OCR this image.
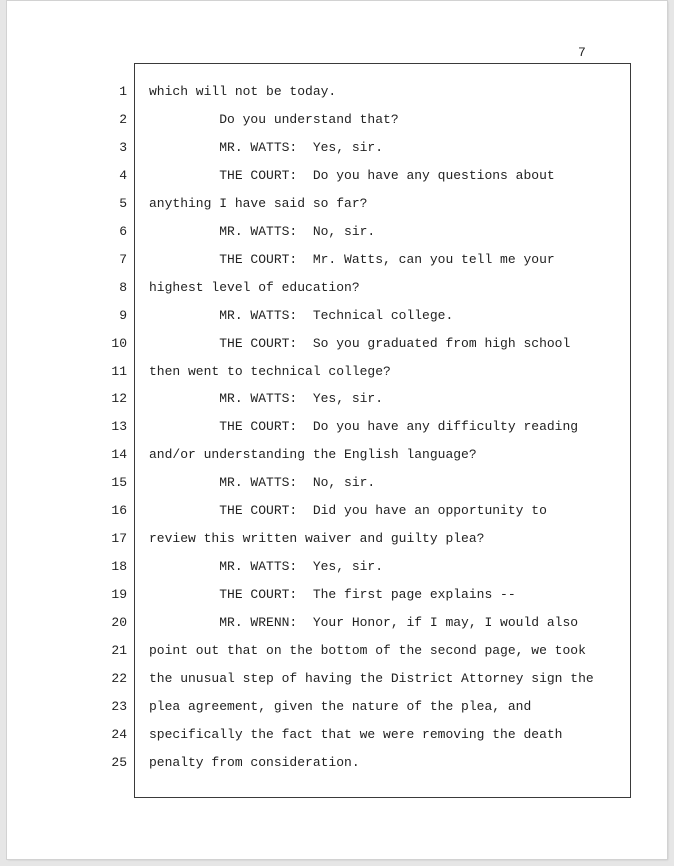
7
1 which will not be today.
2 Do you understand that?
3 MR. WATTS:  Yes, sir.
4 THE COURT:  Do you have any questions about
5 anything I have said so far?
6 MR. WATTS:  No, sir.
7 THE COURT:  Mr. Watts, can you tell me your
8 highest level of education?
9 MR. WATTS:  Technical college.
10 THE COURT:  So you graduated from high school
11 then went to technical college?
12 MR. WATTS:  Yes, sir.
13 THE COURT:  Do you have any difficulty reading
14 and/or understanding the English language?
15 MR. WATTS:  No, sir.
16 THE COURT:  Did you have an opportunity to
17 review this written waiver and guilty plea?
18 MR. WATTS:  Yes, sir.
19 THE COURT:  The first page explains --
20 MR. WRENN:  Your Honor, if I may, I would also
21 point out that on the bottom of the second page, we took
22 the unusual step of having the District Attorney sign the
23 plea agreement, given the nature of the plea, and
24 specifically the fact that we were removing the death
25 penalty from consideration.
